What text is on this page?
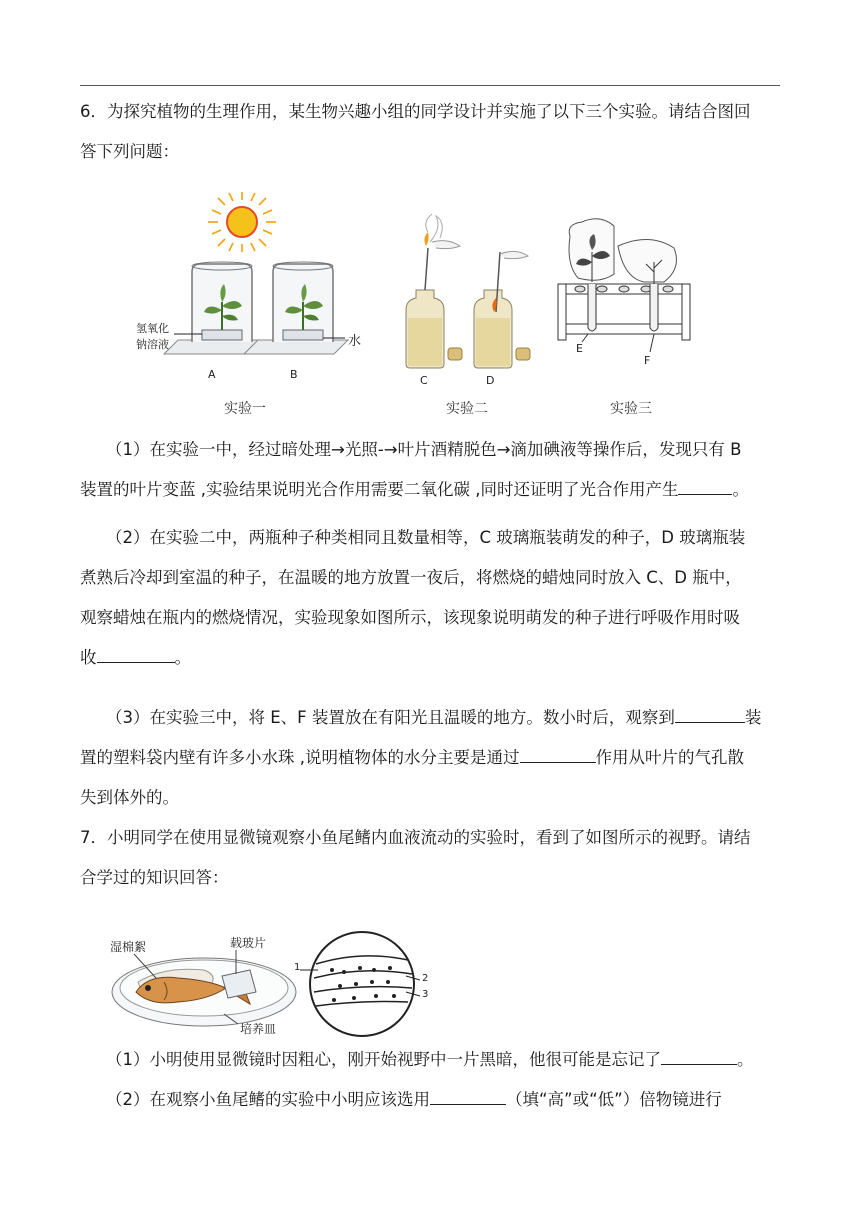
6．为探究植物的生理作用，某生物兴趣小组的同学设计并实施了以下三个实验。请结合图回
答下列问题：
氢氧化
钠溶液	水
A	B	C	D
E
F
实验一	实验二	实验三
（1）在实验一中，经过暗处理→光照-→叶片酒精脱色→滴加碘液等操作后，发现只有 B
装置的叶片变蓝 ,实验结果说明光合作用需要二氧化碳 ,同时还证明了光合作用产生	。
（2）在实验二中，两瓶种子种类相同且数量相等，C 玻璃瓶装萌发的种子，D 玻璃瓶装
煮熟后冷却到室温的种子，在温暖的地方放置一夜后，将燃烧的蜡烛同时放入 C、D 瓶中，
观察蜡烛在瓶内的燃烧情况，实验现象如图所示，该现象说明萌发的种子进行呼吸作用时吸
收	。
（3）在实验三中，将 E、F 装置放在有阳光且温暖的地方。数小时后，观察到	装
置的塑料袋内壁有许多小水珠 ,说明植物体的水分主要是通过	作用从叶片的气孔散
失到体外的。
7．小明同学在使用显微镜观察小鱼尾鳍内血液流动的实验时，看到了如图所示的视野。请结
合学过的知识回答：
湿棉絮	载玻片
培养皿
1
2
3
（1）小明使用显微镜时因粗心，刚开始视野中一片黑暗，他很可能是忘记了	。
（2）在观察小鱼尾鳍的实验中小明应该选用	（填“高”或“低”）倍物镜进行
